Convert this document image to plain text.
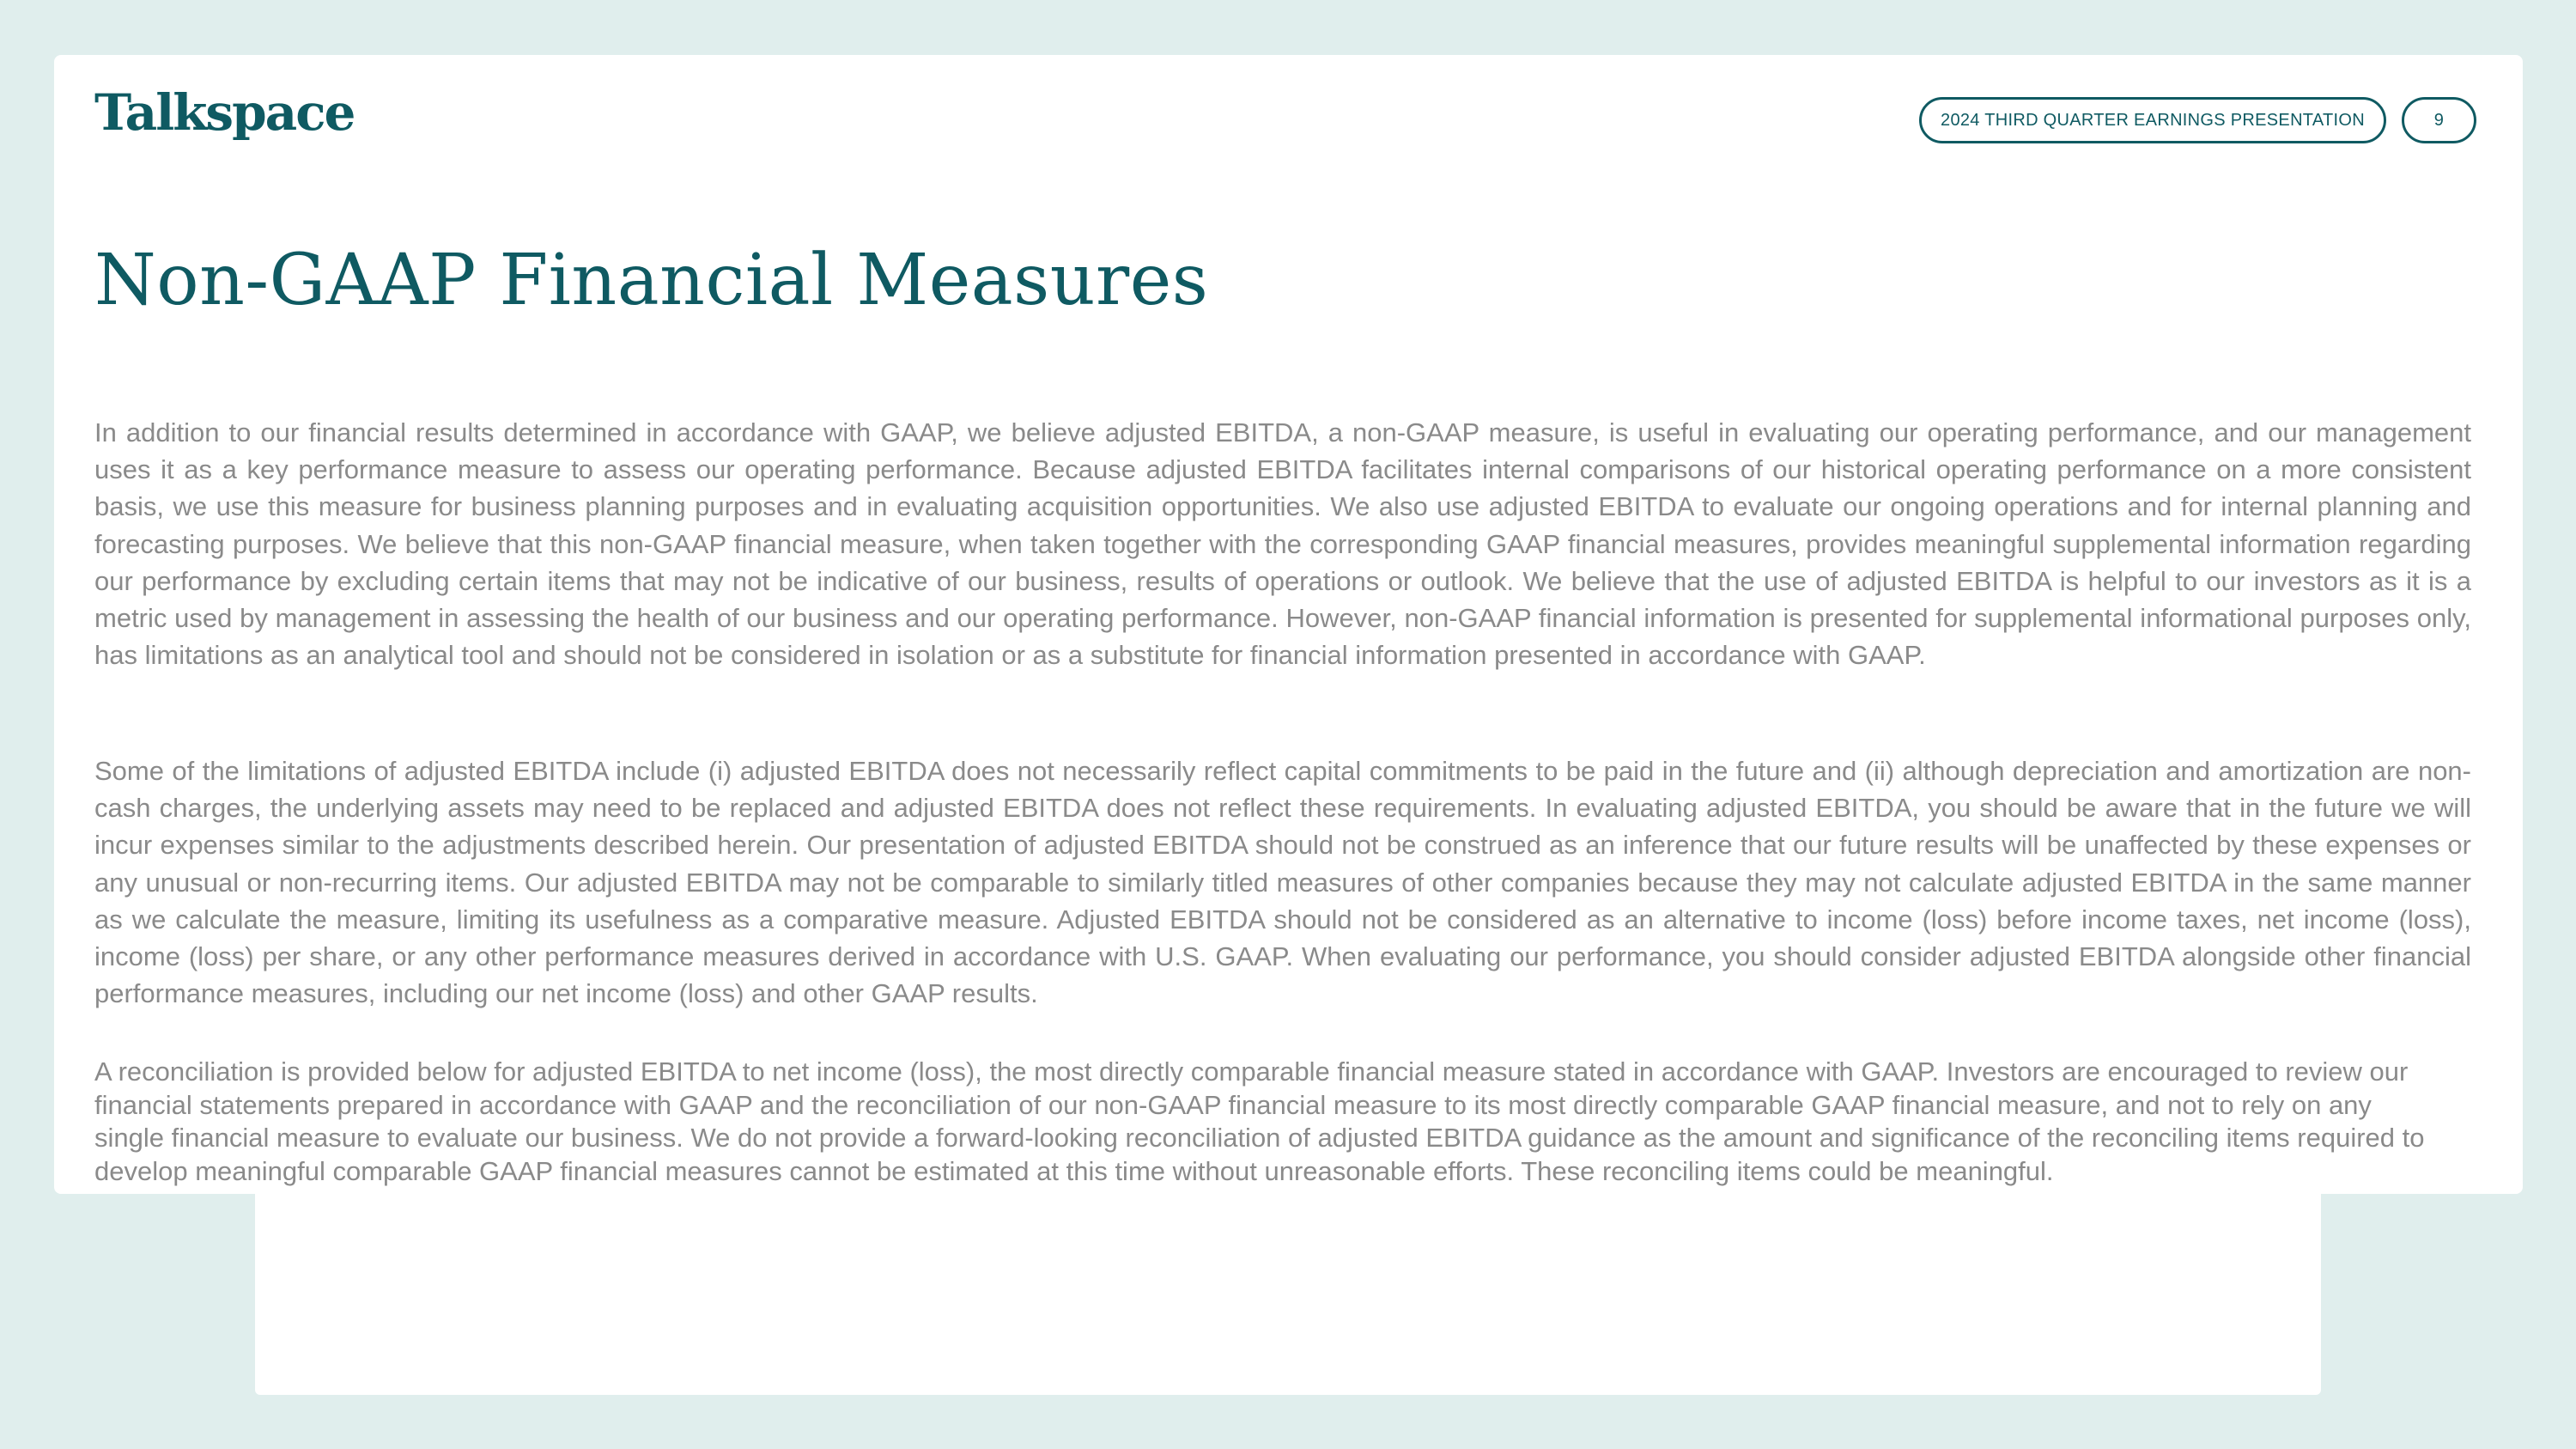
Talkspace	2024 THIRD QUARTER EARNINGS PRESENTATION	9
Non-GAAP Financial Measures

In addition to our financial results determined in accordance with GAAP, we believe adjusted EBITDA, a non-GAAP measure, is useful in evaluating our operating performance, and our management uses it as a key performance measure to assess our operating performance. Because adjusted EBITDA facilitates internal comparisons of our historical operating performance on a more consistent basis, we use this measure for business planning purposes and in evaluating acquisition opportunities. We also use adjusted EBITDA to evaluate our ongoing operations and for internal planning and forecasting purposes. We believe that this non-GAAP financial measure, when taken together with the corresponding GAAP financial measures, provides meaningful supplemental information regarding our performance by excluding certain items that may not be indicative of our business, results of operations or outlook. We believe that the use of adjusted EBITDA is helpful to our investors as it is a metric used by management in assessing the health of our business and our operating performance. However, non-GAAP financial information is presented for supplemental informational purposes only, has limitations as an analytical tool and should not be considered in isolation or as a substitute for financial information presented in accordance with GAAP.

Some of the limitations of adjusted EBITDA include (i) adjusted EBITDA does not necessarily reflect capital commitments to be paid in the future and (ii) although depreciation and amortization are non-cash charges, the underlying assets may need to be replaced and adjusted EBITDA does not reflect these requirements. In evaluating adjusted EBITDA, you should be aware that in the future we will incur expenses similar to the adjustments described herein. Our presentation of adjusted EBITDA should not be construed as an inference that our future results will be unaffected by these expenses or any unusual or non-recurring items. Our adjusted EBITDA may not be comparable to similarly titled measures of other companies because they may not calculate adjusted EBITDA in the same manner as we calculate the measure, limiting its usefulness as a comparative measure. Adjusted EBITDA should not be considered as an alternative to income (loss) before income taxes, net income (loss), income (loss) per share, or any other performance measures derived in accordance with U.S. GAAP. When evaluating our performance, you should consider adjusted EBITDA alongside other financial performance measures, including our net income (loss) and other GAAP results.

A reconciliation is provided below for adjusted EBITDA to net income (loss), the most directly comparable financial measure stated in accordance with GAAP. Investors are encouraged to review our financial statements prepared in accordance with GAAP and the reconciliation of our non-GAAP financial measure to its most directly comparable GAAP financial measure, and not to rely on any single financial measure to evaluate our business. We do not provide a forward-looking reconciliation of adjusted EBITDA guidance as the amount and significance of the reconciling items required to develop meaningful comparable GAAP financial measures cannot be estimated at this time without unreasonable efforts. These reconciling items could be meaningful.
